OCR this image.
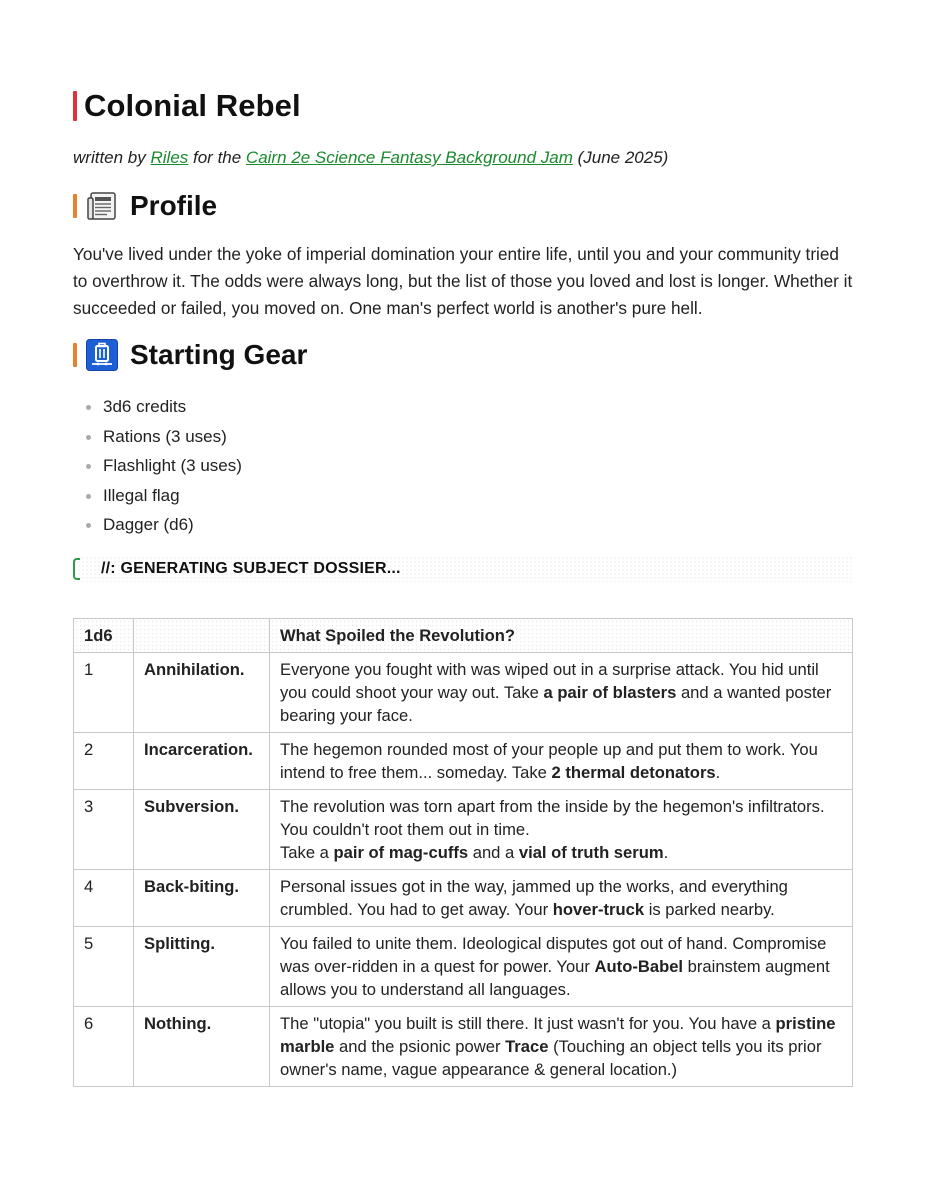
Colonial Rebel
written by Riles for the Cairn 2e Science Fantasy Background Jam (June 2025)
Profile

You've lived under the yoke of imperial domination your entire life, until you and your community tried to overthrow it. The odds were always long, but the list of those you loved and lost is longer. Whether it succeeded or failed, you moved on. One man's perfect world is another's pure hell.

Starting Gear
3d6 credits
Rations (3 uses)
Flashlight (3 uses)
Illegal flag
Dagger (d6)
//: GENERATING SUBJECT DOSSIER...
1d6		What Spoiled the Revolution?
1	Annihilation.	Everyone you fought with was wiped out in a surprise attack. You hid until you could shoot your way out. Take a pair of blasters and a wanted poster bearing your face.
2	Incarceration.	The hegemon rounded most of your people up and put them to work. You intend to free them... someday. Take 2 thermal detonators.
3	Subversion.	The revolution was torn apart from the inside by the hegemon's infiltrators. You couldn't root them out in time.
Take a pair of mag-cuffs and a vial of truth serum.
4	Back-biting.	Personal issues got in the way, jammed up the works, and everything crumbled. You had to get away. Your hover-truck is parked nearby.
5	Splitting.	You failed to unite them. Ideological disputes got out of hand. Compromise was over-ridden in a quest for power. Your Auto-Babel brainstem augment allows you to understand all languages.
6	Nothing.	The "utopia" you built is still there. It just wasn't for you. You have a pristine marble and the psionic power Trace (Touching an object tells you its prior owner's name, vague appearance & general location.)
